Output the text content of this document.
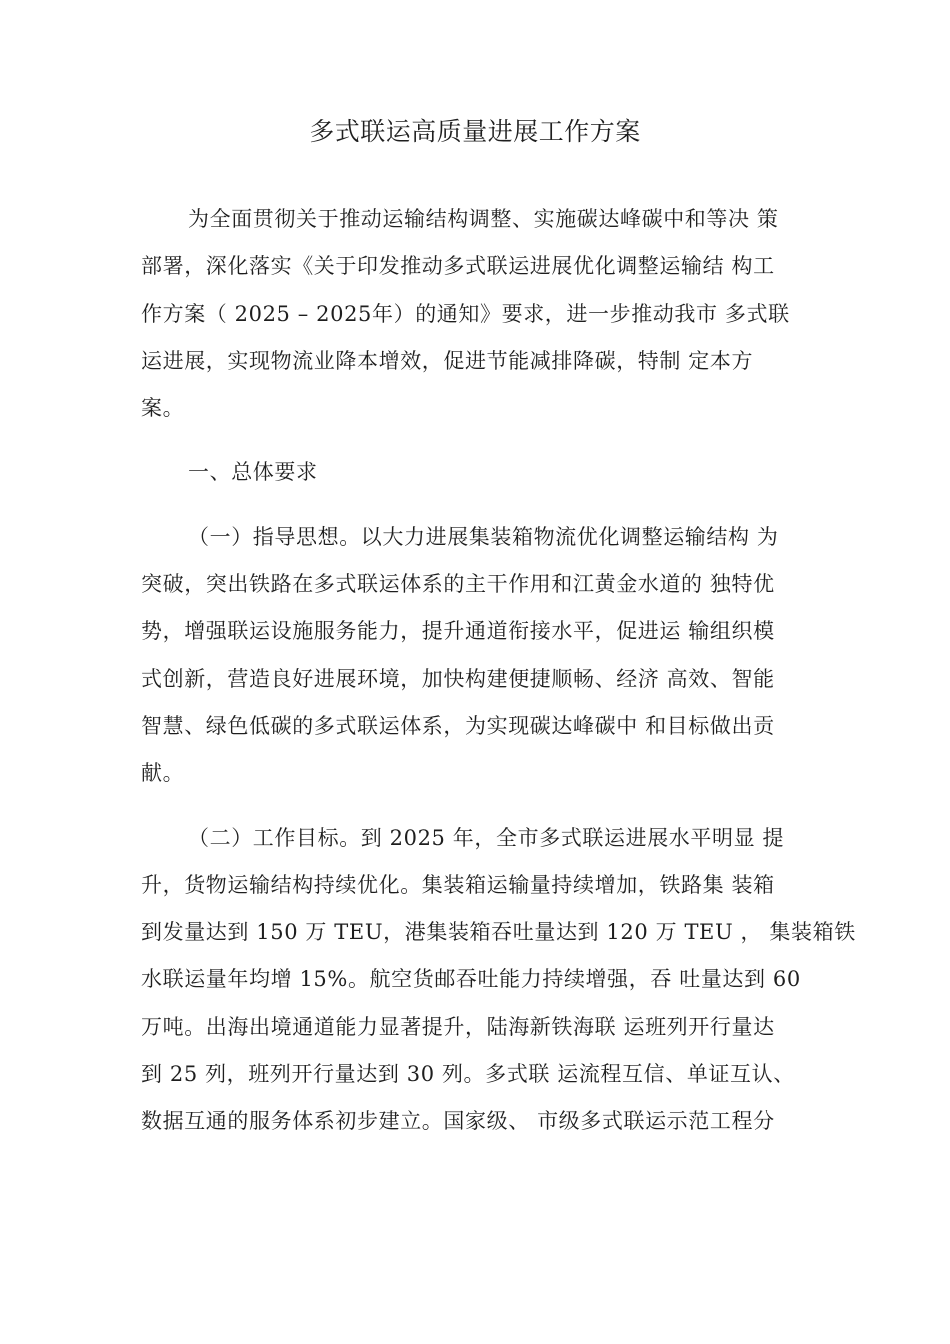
多式联运高质量进展工作方案
为全面贯彻关于推动运输结构调整、实施碳达峰碳中和等决 策
部署，深化落实《关于印发推动多式联运进展优化调整运输结 构工
作方案（ 2025 – 2025年）的通知》要求，进一步推动我市 多式联
运进展，实现物流业降本增效，促进节能减排降碳，特制 定本方
案。
一、总体要求
（一）指导思想。以大力进展集装箱物流优化调整运输结构 为
突破，突出铁路在多式联运体系的主干作用和江黄金水道的 独特优
势，增强联运设施服务能力，提升通道衔接水平，促进运 输组织模
式创新，营造良好进展环境，加快构建便捷顺畅、经济 高效、智能
智慧、绿色低碳的多式联运体系，为实现碳达峰碳中 和目标做出贡
献。
（二）工作目标。到 2025 年，全市多式联运进展水平明显 提
升，货物运输结构持续优化。集装箱运输量持续增加，铁路集 装箱
到发量达到 150 万 TEU，港集装箱吞吐量达到 120 万 TEU ， 集装箱铁
水联运量年均增 15%。航空货邮吞吐能力持续增强，吞 吐量达到 60
万吨。出海出境通道能力显著提升，陆海新铁海联 运班列开行量达
到 25 列，班列开行量达到 30 列。多式联 运流程互信、单证互认、
数据互通的服务体系初步建立。国家级、 市级多式联运示范工程分
